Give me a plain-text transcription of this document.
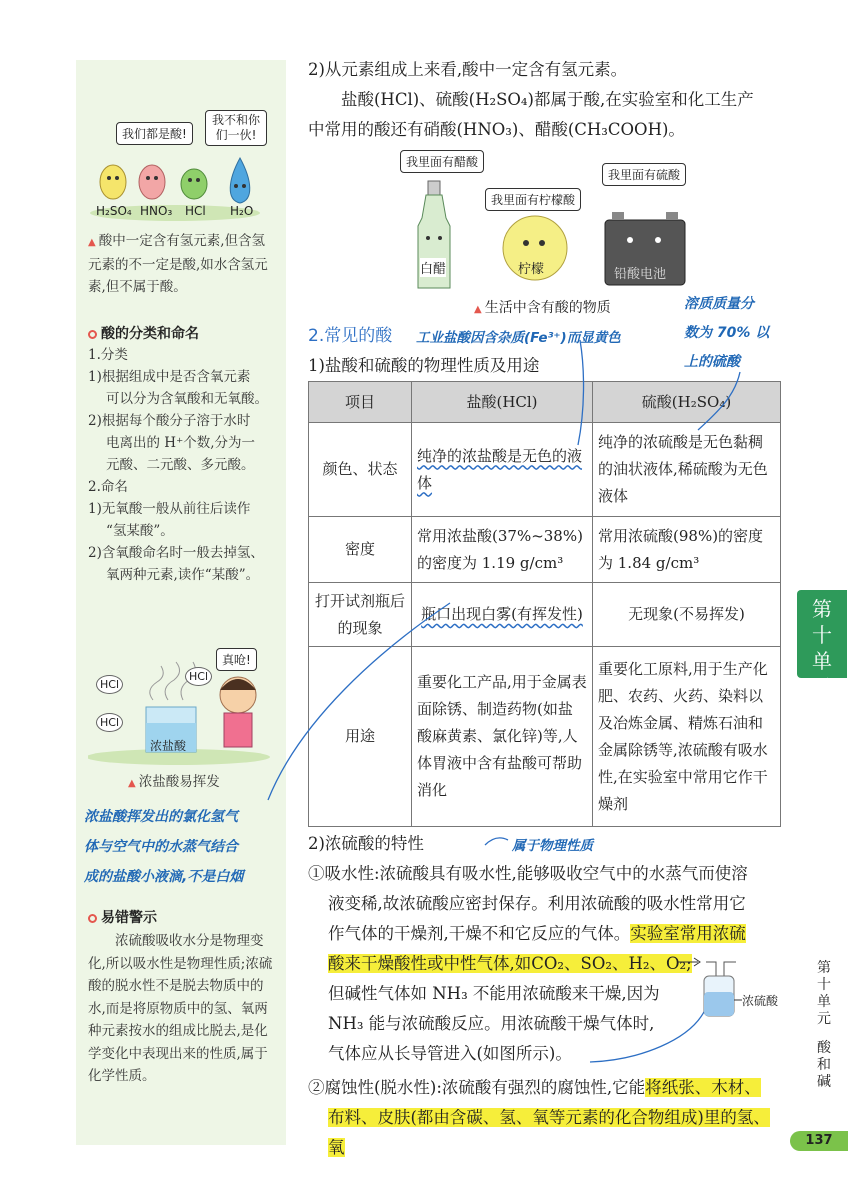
我们都是酸!
我不和你们一伙!
H₂SO₄ HNO₃ HCl H₂O
▲ 酸中一定含有氢元素,但含氢元素的不一定是酸,如水含氢元素,但不属于酸。
酸的分类和命名
1.分类
1)根据组成中是否含氧元素
可以分为含氧酸和无氧酸。
2)根据每个酸分子溶于水时
电离出的 H⁺个数,分为一
元酸、二元酸、多元酸。
2.命名
1)无氧酸一般从前往后读作
“氢某酸”。
2)含氧酸命名时一般去掉氢、
氧两种元素,读作“某酸”。
真呛!
HCl
HCl
HCl
浓盐酸
▲ 浓盐酸易挥发
浓盐酸挥发出的氯化氢气
体与空气中的水蒸气结合
成的盐酸小液滴,不是白烟
易错警示
浓硫酸吸收水分是物理变化,所以吸水性是物理性质;浓硫酸的脱水性不是脱去物质中的水,而是将原物质中的氢、氧两种元素按水的组成比脱去,是化学变化中表现出来的性质,属于化学性质。
2)从元素组成上来看,酸中一定含有氢元素。
盐酸(HCl)、硫酸(H₂SO₄)都属于酸,在实验室和化工生产
中常用的酸还有硝酸(HNO₃)、醋酸(CH₃COOH)。
我里面有醋酸
我里面有柠檬酸
我里面有硫酸
白醋	柠檬	铅酸电池
▲ 生活中含有酸的物质
2.常见的酸 工业盐酸因含杂质(Fe³⁺)而显黄色
溶质质量分
数为 70% 以
上的硫酸
1)盐酸和硫酸的物理性质及用途
项目	盐酸(HCl)	硫酸(H₂SO₄)
颜色、状态	纯净的浓盐酸是无色的液体	纯净的浓硫酸是无色黏稠的油状液体,稀硫酸为无色液体
密度	常用浓盐酸(37%~38%)的密度为 1.19 g/cm³	常用浓硫酸(98%)的密度为 1.84 g/cm³
打开试剂瓶后的现象	瓶口出现白雾(有挥发性)	无现象(不易挥发)
用途	重要化工产品,用于金属表面除锈、制造药物(如盐酸麻黄素、氯化锌)等,人体胃液中含有盐酸可帮助消化	重要化工原料,用于生产化肥、农药、火药、染料以及冶炼金属、精炼石油和金属除锈等,浓硫酸有吸水性,在实验室中常用它作干燥剂
2)浓硫酸的特性	属于物理性质
①吸水性:浓硫酸具有吸水性,能够吸收空气中的水蒸气而使溶
液变稀,故浓硫酸应密封保存。利用浓硫酸的吸水性常用它
作气体的干燥剂,干燥不和它反应的气体。实验室常用浓硫
酸来干燥酸性或中性气体,如CO₂、SO₂、H₂、O₂;
但碱性气体如 NH₃ 不能用浓硫酸来干燥,因为
NH₃ 能与浓硫酸反应。用浓硫酸干燥气体时,
气体应从长导管进入(如图所示)。
浓硫酸
②腐蚀性(脱水性):浓硫酸有强烈的腐蚀性,它能将纸张、木材、
布料、皮肤(都由含碳、氢、氧等元素的化合物组成)里的氢、氧
第
十
单
元
第
十
单
元
酸
和
碱
137
